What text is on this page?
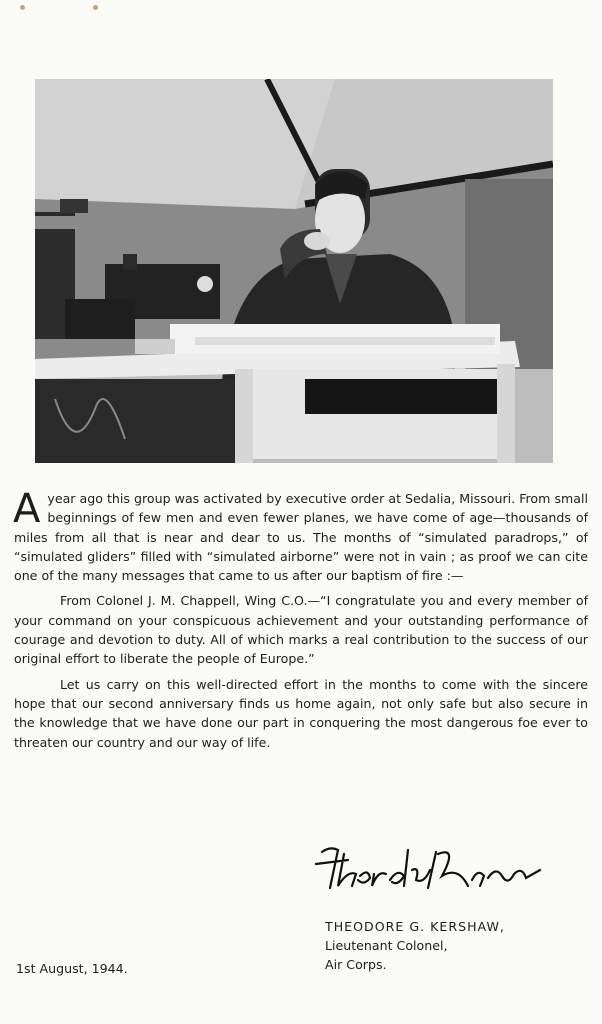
Ayear ago this group was activated by executive order at Sedalia, Missouri. From small beginnings of few men and even fewer planes, we have come of age—thousands of miles from all that is near and dear to us. The months of “simulated paradrops,” of “simulated gliders” filled with “simulated airborne” were not in vain ; as proof we can cite one of the many messages that came to us after our baptism of fire :—

From Colonel J. M. Chappell, Wing C.O.—“I congratulate you and every member of your command on your conspicuous achievement and your outstanding performance of courage and devotion to duty. All of which marks a real contribution to the success of our original effort to liberate the people of Europe.”

Let us carry on this well-directed effort in the months to come with the sincere hope that our second anniversary finds us home again, not only safe but also secure in the knowledge that we have done our part in conquering the most dangerous foe ever to threaten our country and our way of life.

THEODORE G. KERSHAW,
Lieutenant Colonel,
Air Corps.
1st August, 1944.
